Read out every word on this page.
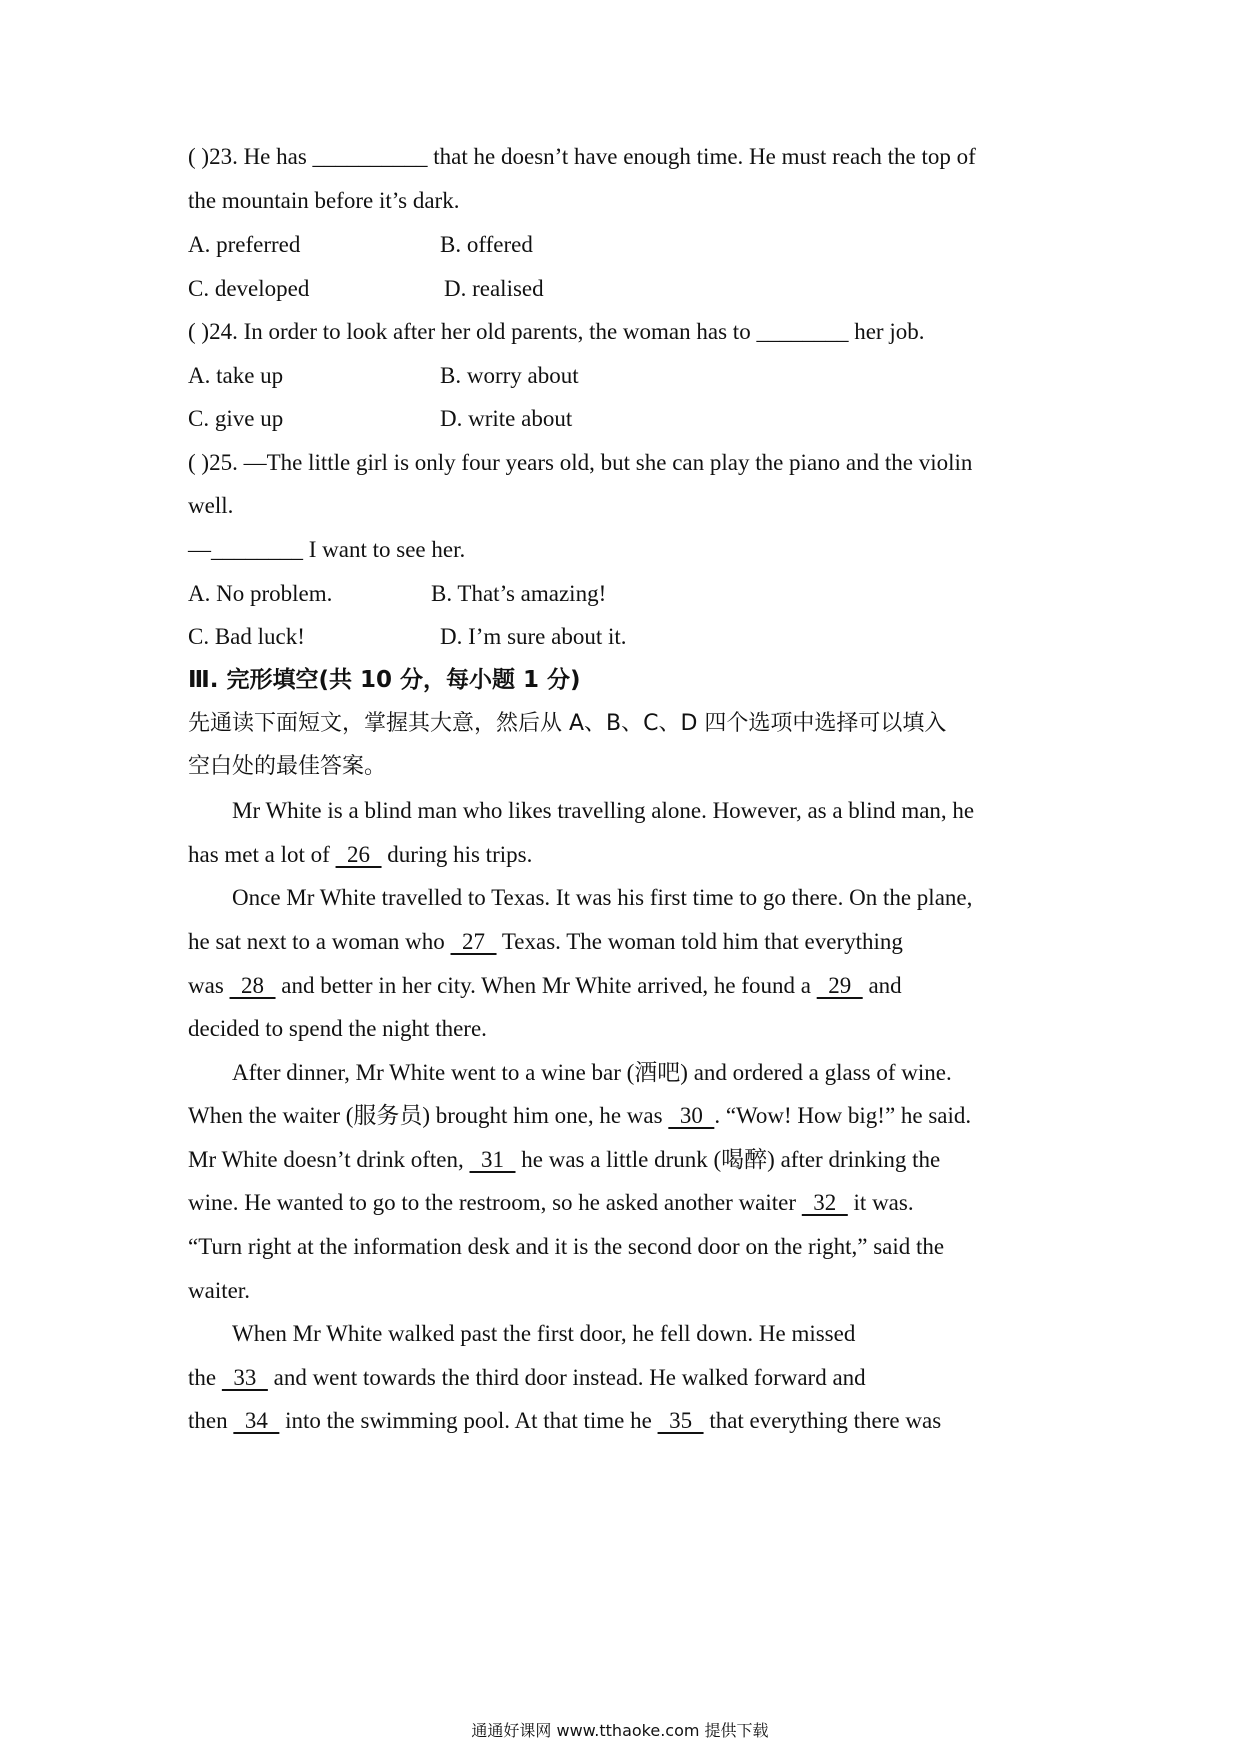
( )23. He has __________ that he doesn’t have enough time. He must reach the top of
the mountain before it’s dark.
A. preferred	B. offered
C. developed	D. realised
( )24. In order to look after her old parents, the woman has to ________ her job.
A. take up	B. worry about
C. give up	D. write about
( )25. —The little girl is only four years old, but she can play the piano and the violin
well.
—________ I want to see her.
A. No problem.	B. That’s amazing!
C. Bad luck!	D. I’m sure about it.
Ⅲ. 完形填空(共 10 分，每小题 1 分)
先通读下面短文，掌握其大意，然后从 A、B、C、D 四个选项中选择可以填入
空白处的最佳答案。
Mr White is a blind man who likes travelling alone. However, as a blind man, he
has met a lot of   26   during his trips.
Once Mr White travelled to Texas. It was his first time to go there. On the plane,
he sat next to a woman who   27   Texas. The woman told him that everything
was   28   and better in her city. When Mr White arrived, he found a   29   and
decided to spend the night there.
After dinner, Mr White went to a wine bar (酒吧) and ordered a glass of wine.
When the waiter (服务员) brought him one, he was   30  . “Wow! How big!” he said.
Mr White doesn’t drink often,   31   he was a little drunk (喝醉) after drinking the
wine. He wanted to go to the restroom, so he asked another waiter   32   it was.
“Turn right at the information desk and it is the second door on the right,” said the
waiter.
When Mr White walked past the first door, he fell down. He missed
the   33   and went towards the third door instead. He walked forward and
then   34   into the swimming pool. At that time he   35   that everything there was
通通好课网 www.tthaoke.com 提供下载
